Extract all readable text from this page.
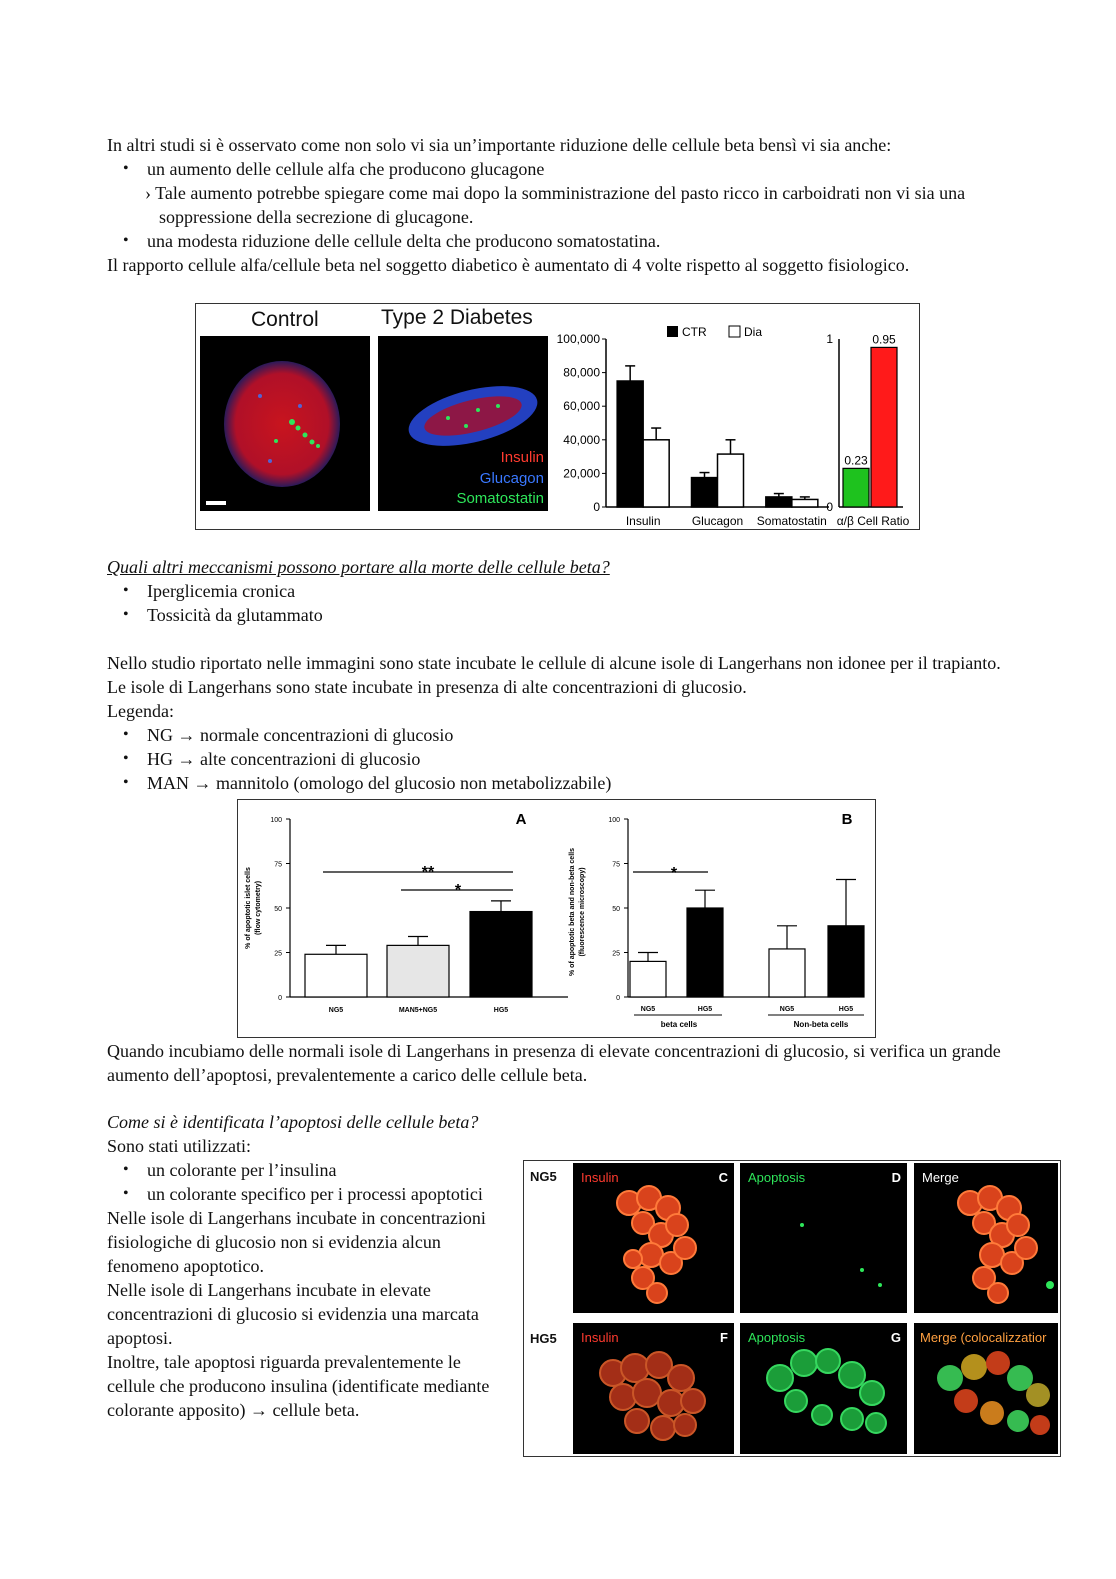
In altri studi si è osservato come non solo vi sia un’importante riduzione delle cellule beta bensì vi sia anche:

• un aumento delle cellule alfa che producono glucagone

› Tale aumento potrebbe spiegare come mai dopo la somministrazione del pasto ricco in carboidrati non vi sia una soppressione della secrezione di glucagone.

• una modesta riduzione delle cellule delta che producono somatostatina.

Il rapporto cellule alfa/cellule beta nel soggetto diabetico è aumentato di 4 volte rispetto al soggetto fisiologico.

Control	Type 2 Diabetes
Insulin
Glucagon
Somatostatin	0
20,000
40,000
60,000
80,000
100,000
Insulin	Glucagon Somatostatin
CTR	Dia
0
1
0.23
0.95
α/β Cell Ratio

Quali altri meccanismi possono portare alla morte delle cellule beta?

• Iperglicemia cronica
• Tossicità da glutammato

Nello studio riportato nelle immagini sono state incubate le cellule di alcune isole di Langerhans non idonee per il trapianto. Le isole di Langerhans sono state incubate in presenza di alte concentrazioni di glucosio.

Legenda:

• NG → normale concentrazioni di glucosio
• HG → alte concentrazioni di glucosio
• MAN → mannitolo (omologo del glucosio non metabolizzabile)
0
25
50
75
100
NG5	MAN5+NG5	HG5
A
**
*
% of apoptotic islet cells (flow cytometry)
0
25
50
75
100
NG5	HG5	NG5	HG5
beta cells	Non-beta cells
B
*
% of apoptotic beta and non-beta cells (fluorescence microscopy)

Quando incubiamo delle normali isole di Langerhans in presenza di elevate concentrazioni di glucosio, si verifica un grande aumento dell’apoptosi, prevalentemente a carico delle cellule beta.

Come si è identificata l’apoptosi delle cellule beta?

Sono stati utilizzati:

• un colorante per l’insulina
• un colorante specifico per i processi apoptotici

Nelle isole di Langerhans incubate in concentrazioni fisiologiche di glucosio non si evidenzia alcun fenomeno apoptotico.

Nelle isole di Langerhans incubate in elevate concentrazioni di glucosio si evidenzia una marcata apoptosi.

Inoltre, tale apoptosi riguarda prevalentemente le cellule che producono insulina (identificate mediante colorante apposito) → cellule beta.

NG5
HG5
Insulin	C Apoptosis	D Merge
Insulin	F Apoptosis	G Merge (colocalizzatior
